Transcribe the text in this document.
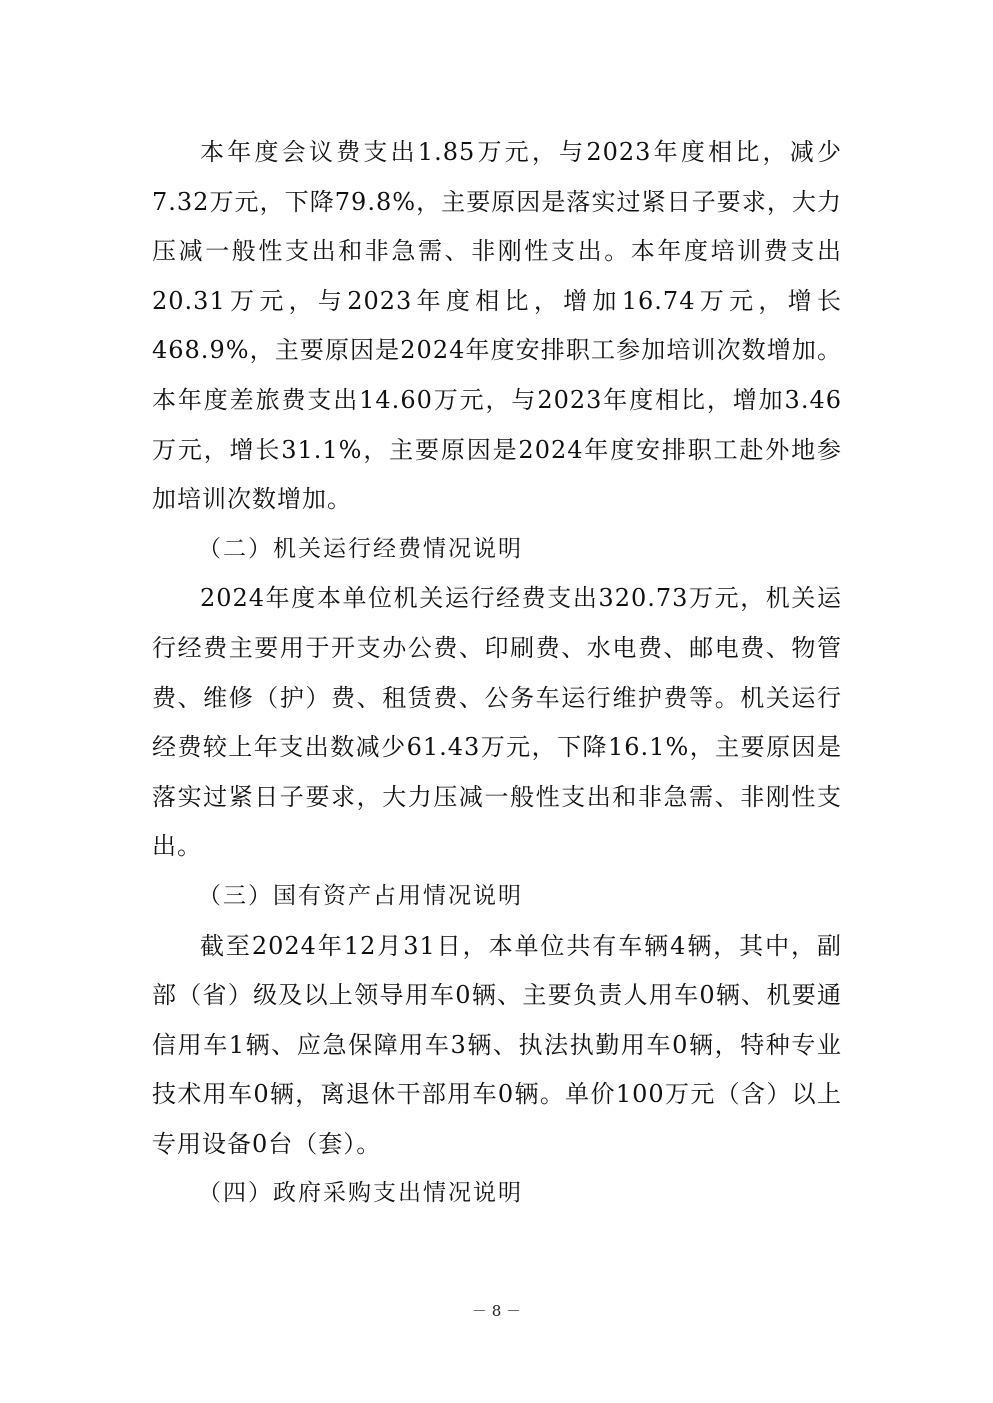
本年度会议费支出1.85万元，与2023年度相比，减少7.32万元，下降79.8%，主要原因是落实过紧日子要求，大力压减一般性支出和非急需、非刚性支出。本年度培训费支出20.31万元，与2023年度相比，增加16.74万元，增长468.9%，主要原因是2024年度安排职工参加培训次数增加。本年度差旅费支出14.60万元，与2023年度相比，增加3.46万元，增长31.1%，主要原因是2024年度安排职工赴外地参加培训次数增加。

（二）机关运行经费情况说明

2024年度本单位机关运行经费支出320.73万元，机关运行经费主要用于开支办公费、印刷费、水电费、邮电费、物管费、维修（护）费、租赁费、公务车运行维护费等。机关运行经费较上年支出数减少61.43万元，下降16.1%，主要原因是落实过紧日子要求，大力压减一般性支出和非急需、非刚性支出。

（三）国有资产占用情况说明

截至2024年12月31日，本单位共有车辆4辆，其中，副部（省）级及以上领导用车0辆、主要负责人用车0辆、机要通信用车1辆、应急保障用车3辆、执法执勤用车0辆，特种专业技术用车0辆，离退休干部用车0辆。单价100万元（含）以上专用设备0台（套）。

（四）政府采购支出情况说明
－ 8 －
